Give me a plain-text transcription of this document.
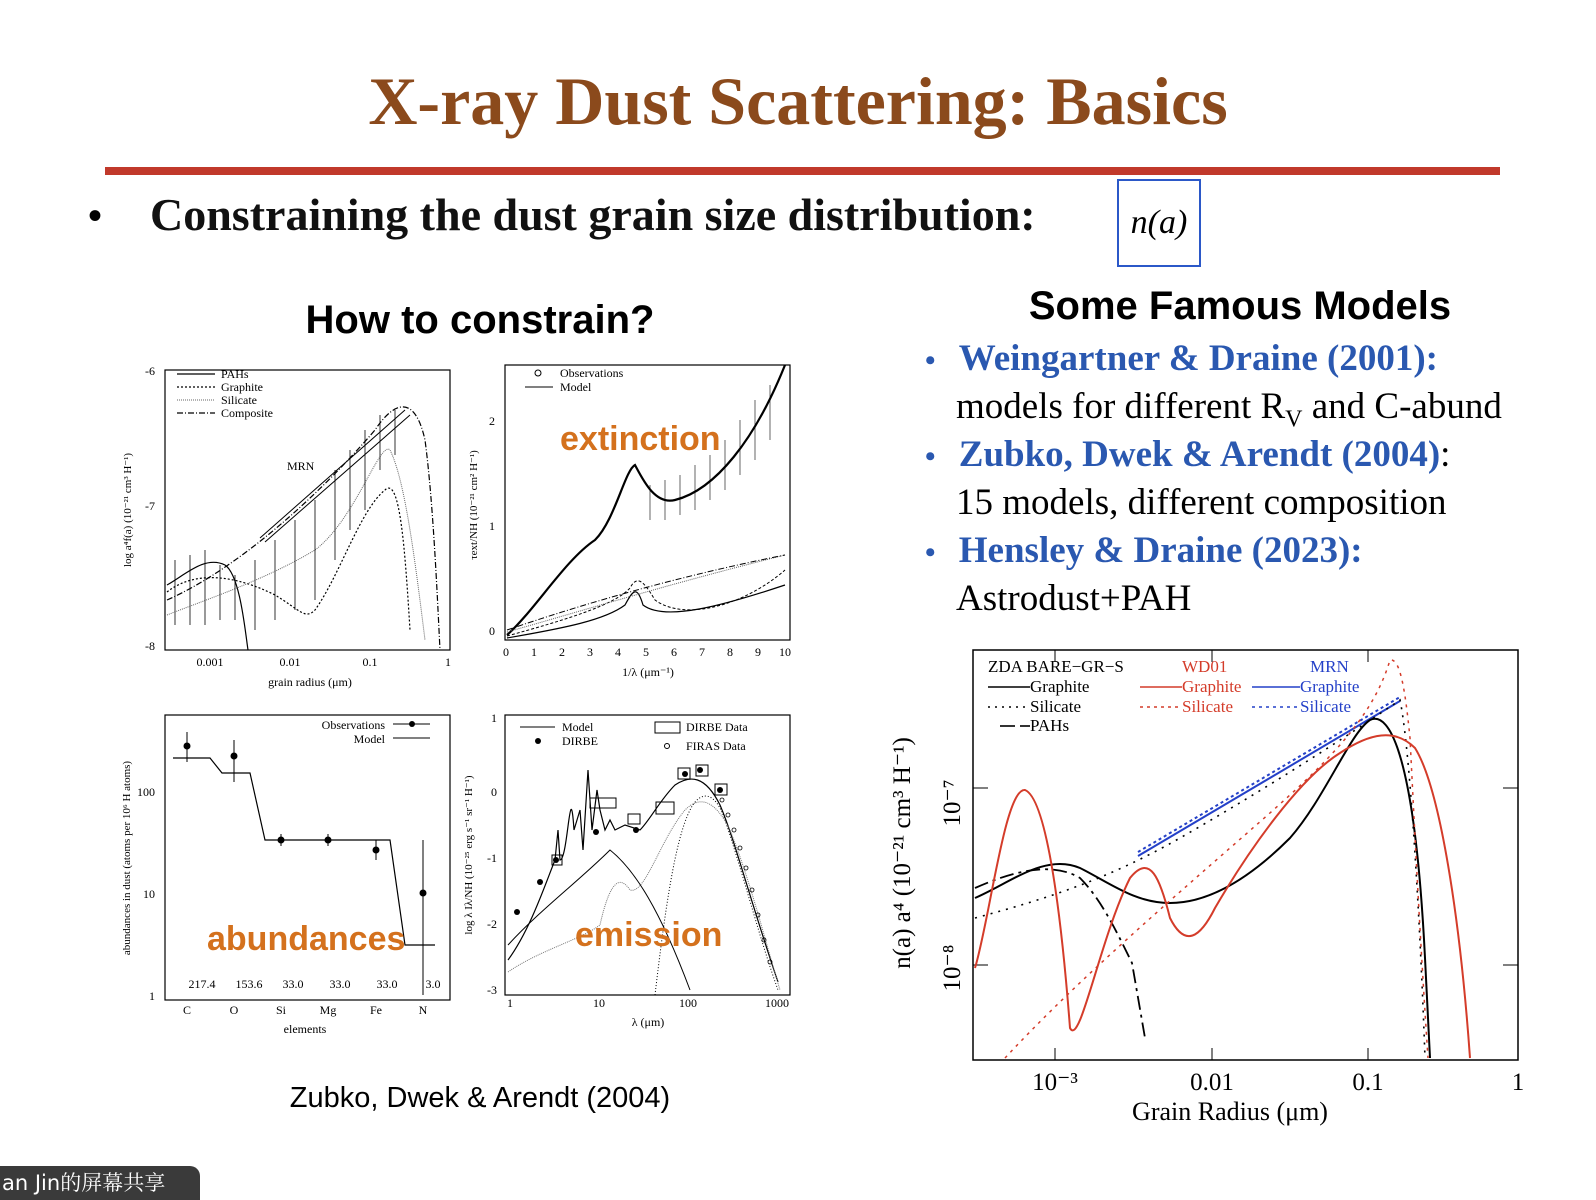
X-ray Dust Scattering: Basics
• Constraining the dust grain size distribution:	n(a)
How to constrain?	Some Famous Models
• Weingartner & Draine (2001):
models for different $R_V$ and C-abund
• Zubko, Dwek & Arendt (2004):
15 models, different composition
• Hensley & Draine (2023):
Astrodust+PAH
-6
-7
-8
0.001	0.01	0.1	1
grain radius (μm)
log a⁴f(a) (10⁻²¹ cm³ H⁻¹)
PAHs
Graphite
Silicate
Composite
MRN
0
1
2
0 1 2 3 4 5 6 7 8 9 10
1/λ (μm⁻¹)
τext/NH (10⁻²¹ cm² H⁻¹)
Observations
Model
extinction
1
10
100
C	O	Si	Mg	Fe	N
217.4 153.6 33.0 33.0 33.0 3.0
elements
abundances in dust (atoms per 10⁶ H atoms)
Observations
Model
abundances
1
0
-1
-2
-3
1	10	100	1000
λ (μm)
log λ Iλ/NH (10⁻²⁵ erg s⁻¹ sr⁻¹ H⁻¹)
Model
DIRBE
DIRBE Data
FIRAS Data
emission
Zubko, Dwek & Arendt (2004)	10⁻³	0.01	0.1	1
Grain Radius (μm)
10⁻⁷
10⁻⁸
n(a) a⁴ (10⁻²¹ cm³ H⁻¹)
ZDA BARE−GR−S
Graphite
Silicate
PAHs
WD01
Graphite
Silicate
MRN
Graphite
Silicate
an Jin的屏幕共享
